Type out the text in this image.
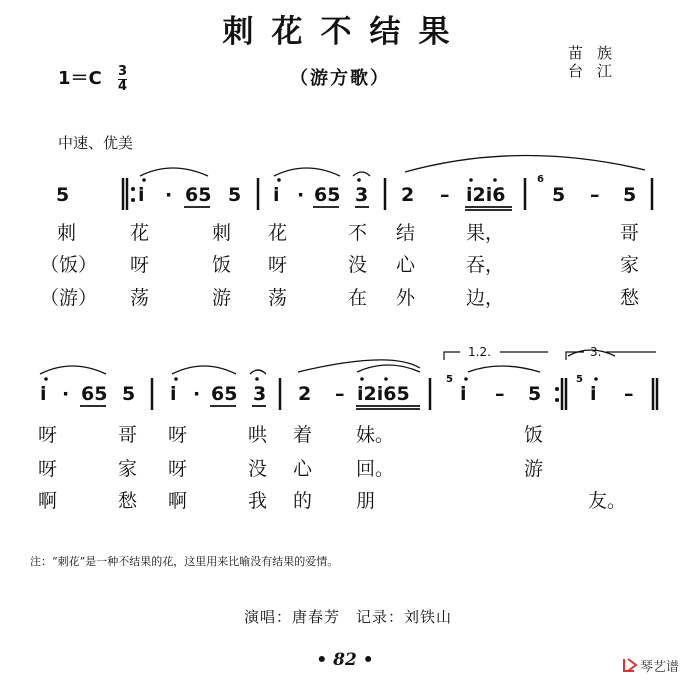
刺花不结果
$1=C \frac{3}{4}$	（游方歌）
苗族
台江
中速、优美
5	i · 65 5 i · 65 3 2 – i2i6
6
5 – 5
刺	花	刺 花	不 结	果，	哥
（饭） 呀	饭 呀	没 心	吞，	家
（游） 荡	游 荡	在 外	边，	愁
i · 65 5 i · 65 3 2 – i2i65
5
i – 5
5
i –
1.2.	3.
呀	哥 呀	哄 着 妹。	饭
呀	家 呀	没 心 回。	游
啊	愁 啊	我 的 朋	友。
注：“刺花”是一种不结果的花，这里用来比喻没有结果的爱情。
演唱：唐春芳　记录：刘铁山
• 82 •	琴艺谱
